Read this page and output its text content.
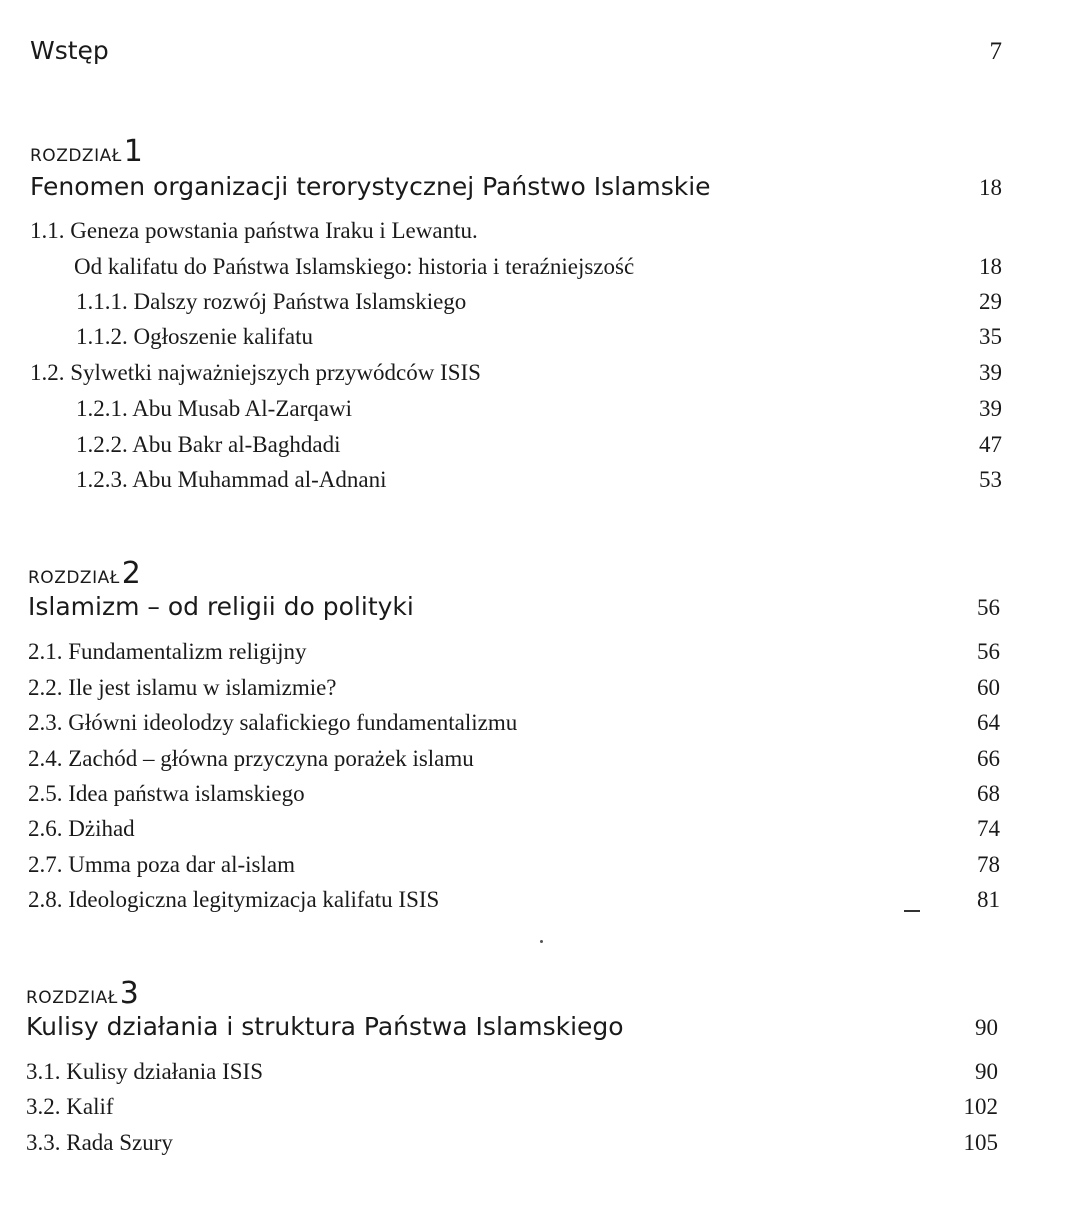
Wstęp	7
ROZDZIAŁ1
Fenomen organizacji terorystycznej Państwo Islamskie	18
1.1. Geneza powstania państwa Iraku i Lewantu.
Od kalifatu do Państwa Islamskiego: historia i teraźniejszość	18
1.1.1. Dalszy rozwój Państwa Islamskiego	29
1.1.2. Ogłoszenie kalifatu	35
1.2. Sylwetki najważniejszych przywódców ISIS	39
1.2.1. Abu Musab Al-Zarqawi	39
1.2.2. Abu Bakr al-Baghdadi	47
1.2.3. Abu Muhammad al-Adnani	53
ROZDZIAŁ2
Islamizm – od religii do polityki	56
2.1. Fundamentalizm religijny	56
2.2. Ile jest islamu w islamizmie?	60
2.3. Główni ideolodzy salafickiego fundamentalizmu	64
2.4. Zachód – główna przyczyna porażek islamu	66
2.5. Idea państwa islamskiego	68
2.6. Dżihad	74
2.7. Umma poza dar al-islam	78
2.8. Ideologiczna legitymizacja kalifatu ISIS	81
ROZDZIAŁ3
Kulisy działania i struktura Państwa Islamskiego	90
3.1. Kulisy działania ISIS	90
3.2. Kalif	102
3.3. Rada Szury	105
